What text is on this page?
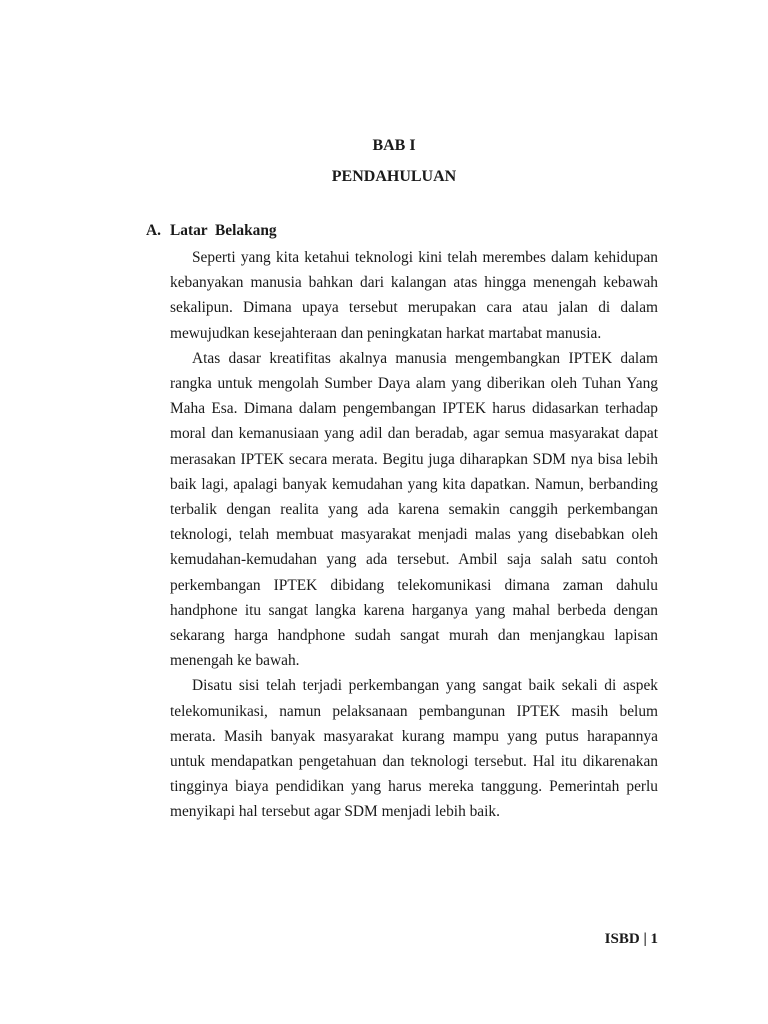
BAB I
PENDAHULUAN
A. Latar  Belakang

Seperti yang kita ketahui teknologi kini telah merembes dalam kehidupan kebanyakan manusia bahkan dari kalangan atas hingga menengah kebawah sekalipun. Dimana upaya tersebut merupakan cara atau jalan di dalam mewujudkan kesejahteraan dan peningkatan harkat martabat manusia.

Atas dasar kreatifitas akalnya manusia mengembangkan IPTEK dalam rangka untuk mengolah Sumber Daya alam yang diberikan oleh Tuhan Yang Maha Esa. Dimana dalam pengembangan IPTEK harus didasarkan terhadap moral dan kemanusiaan yang adil dan beradab, agar semua masyarakat dapat merasakan IPTEK secara merata. Begitu juga diharapkan SDM nya bisa lebih baik lagi, apalagi banyak kemudahan yang kita dapatkan. Namun, berbanding terbalik dengan realita yang ada karena semakin canggih perkembangan teknologi, telah membuat masyarakat menjadi malas yang disebabkan oleh kemudahan-kemudahan yang ada tersebut. Ambil saja salah satu contoh perkembangan IPTEK dibidang telekomunikasi dimana zaman dahulu handphone itu sangat langka karena harganya yang mahal berbeda dengan sekarang harga handphone sudah sangat murah dan menjangkau lapisan menengah ke bawah.

Disatu sisi telah terjadi perkembangan yang sangat baik sekali di aspek telekomunikasi, namun pelaksanaan pembangunan IPTEK masih belum merata. Masih banyak masyarakat kurang mampu yang putus harapannya untuk mendapatkan pengetahuan dan teknologi tersebut. Hal itu dikarenakan tingginya biaya pendidikan yang harus mereka tanggung. Pemerintah perlu menyikapi hal tersebut agar SDM menjadi lebih baik.

ISBD | 1
